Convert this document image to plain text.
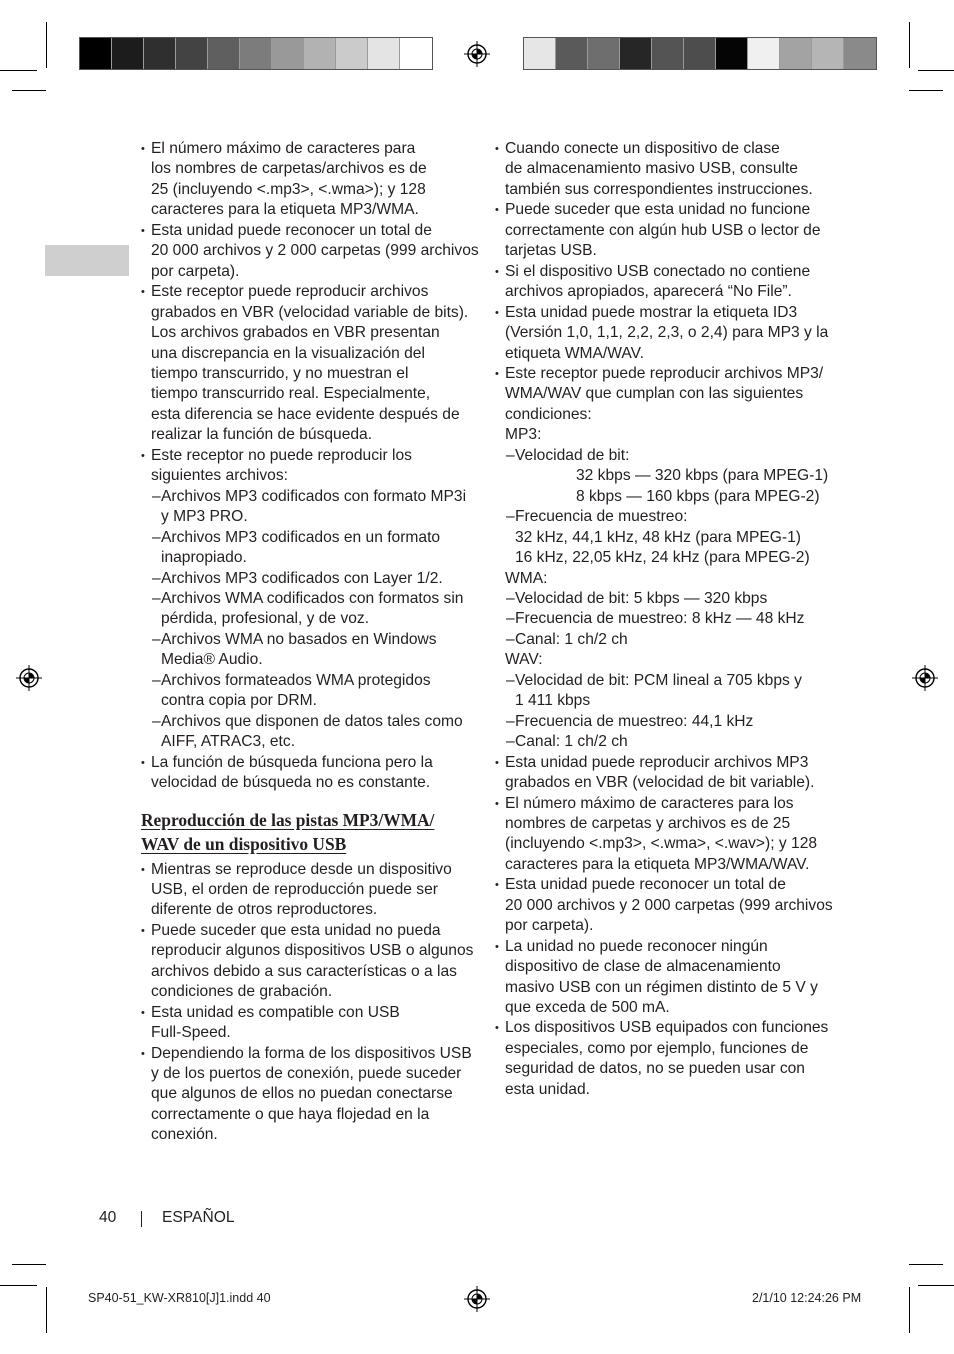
• El número máximo de caracteres para
los nombres de carpetas/archivos es de
25 (incluyendo <.mp3>, <.wma>); y 128
caracteres para la etiqueta MP3/WMA.
• Esta unidad puede reconocer un total de
20 000 archivos y 2 000 carpetas (999 archivos
por carpeta).
• Este receptor puede reproducir archivos
grabados en VBR (velocidad variable de bits).
Los archivos grabados en VBR presentan
una discrepancia en la visualización del
tiempo transcurrido, y no muestran el
tiempo transcurrido real. Especialmente,
esta diferencia se hace evidente después de
realizar la función de búsqueda.
• Este receptor no puede reproducir los
siguientes archivos:
– Archivos MP3 codificados con formato MP3i
y MP3 PRO.
– Archivos MP3 codificados en un formato
inapropiado.
– Archivos MP3 codificados con Layer 1/2.
– Archivos WMA codificados con formatos sin
pérdida, profesional, y de voz.
– Archivos WMA no basados en Windows
Media® Audio.
– Archivos formateados WMA protegidos
contra copia por DRM.
– Archivos que disponen de datos tales como
AIFF, ATRAC3, etc.
• La función de búsqueda funciona pero la
velocidad de búsqueda no es constante.
Reproducción de las pistas MP3/WMA/
WAV de un dispositivo USB
• Mientras se reproduce desde un dispositivo
USB, el orden de reproducción puede ser
diferente de otros reproductores.
• Puede suceder que esta unidad no pueda
reproducir algunos dispositivos USB o algunos
archivos debido a sus características o a las
condiciones de grabación.
• Esta unidad es compatible con USB
Full-Speed.
• Dependiendo la forma de los dispositivos USB
y de los puertos de conexión, puede suceder
que algunos de ellos no puedan conectarse
correctamente o que haya flojedad en la
conexión.
• Cuando conecte un dispositivo de clase
de almacenamiento masivo USB, consulte
también sus correspondientes instrucciones.
• Puede suceder que esta unidad no funcione
correctamente con algún hub USB o lector de
tarjetas USB.
• Si el dispositivo USB conectado no contiene
archivos apropiados, aparecerá “No File”.
• Esta unidad puede mostrar la etiqueta ID3
(Versión 1,0, 1,1, 2,2, 2,3, o 2,4) para MP3 y la
etiqueta WMA/WAV.
• Este receptor puede reproducir archivos MP3/
WMA/WAV que cumplan con las siguientes
condiciones:
MP3:
– Velocidad de bit:
32 kbps — 320 kbps (para MPEG-1)
8 kbps — 160 kbps (para MPEG-2)
– Frecuencia de muestreo:
32 kHz, 44,1 kHz, 48 kHz (para MPEG-1)
16 kHz, 22,05 kHz, 24 kHz (para MPEG-2)
WMA:
– Velocidad de bit: 5 kbps — 320 kbps
– Frecuencia de muestreo: 8 kHz — 48 kHz
– Canal: 1 ch/2 ch
WAV:
– Velocidad de bit: PCM lineal a 705 kbps y
1 411 kbps
– Frecuencia de muestreo: 44,1 kHz
– Canal: 1 ch/2 ch
• Esta unidad puede reproducir archivos MP3
grabados en VBR (velocidad de bit variable).
• El número máximo de caracteres para los
nombres de carpetas y archivos es de 25
(incluyendo <.mp3>, <.wma>, <.wav>); y 128
caracteres para la etiqueta MP3/WMA/WAV.
• Esta unidad puede reconocer un total de
20 000 archivos y 2 000 carpetas (999 archivos
por carpeta).
• La unidad no puede reconocer ningún
dispositivo de clase de almacenamiento
masivo USB con un régimen distinto de 5 V y
que exceda de 500 mA.
• Los dispositivos USB equipados con funciones
especiales, como por ejemplo, funciones de
seguridad de datos, no se pueden usar con
esta unidad.
40	ESPAÑOL
SP40-51_KW-XR810[J]1.indd 40	2/1/10 12:24:26 PM
